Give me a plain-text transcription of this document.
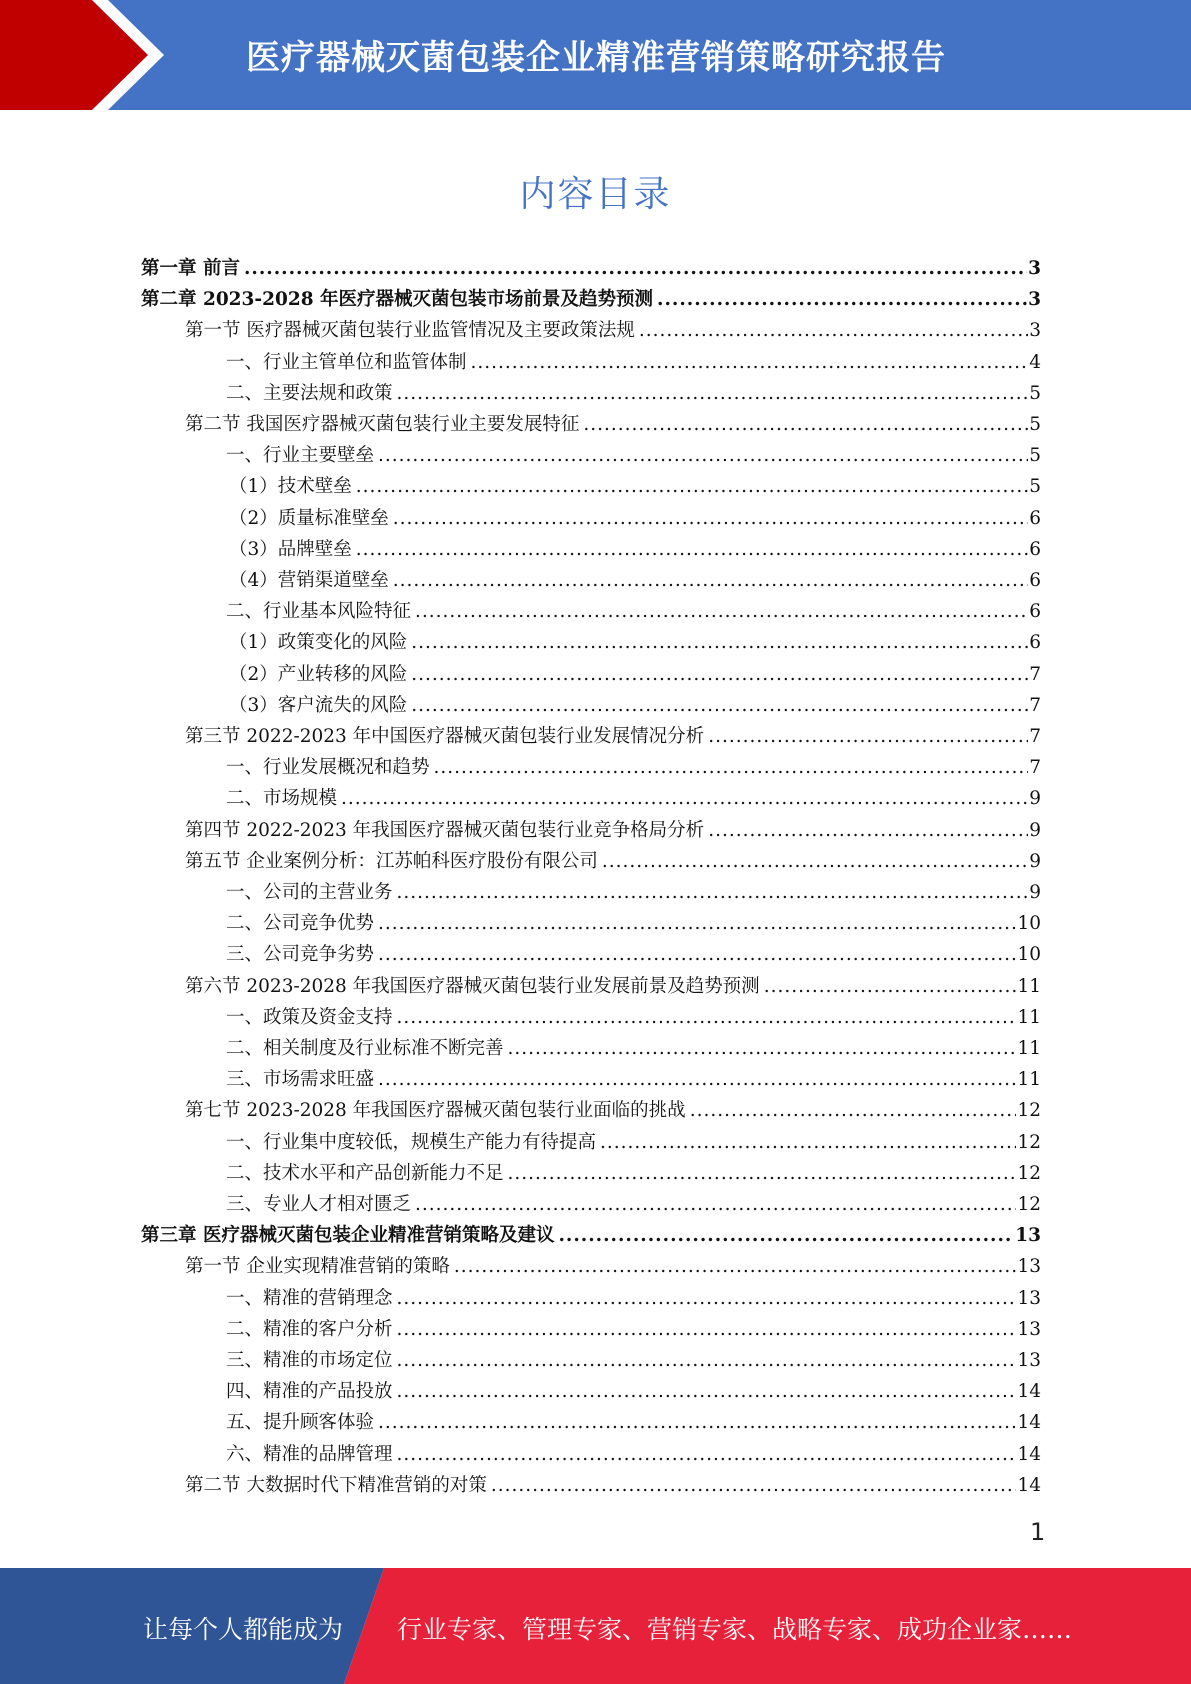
医疗器械灭菌包装企业精准营销策略研究报告
内容目录
第一章 前言 .....	3
第二章 2023-2028 年医疗器械灭菌包装市场前景及趋势预测 .....	3
第一节 医疗器械灭菌包装行业监管情况及主要政策法规 .....	3
一、行业主管单位和监管体制 .....	4
二、主要法规和政策 .....	5
第二节 我国医疗器械灭菌包装行业主要发展特征 .....	5
一、行业主要壁垒 .....	5
（1）技术壁垒 .....	5
（2）质量标准壁垒 .....	6
（3）品牌壁垒 .....	6
（4）营销渠道壁垒 .....	6
二、行业基本风险特征 .....	6
（1）政策变化的风险 .....	6
（2）产业转移的风险 .....	7
（3）客户流失的风险 .....	7
第三节 2022-2023 年中国医疗器械灭菌包装行业发展情况分析 .....	7
一、行业发展概况和趋势 .....	7
二、市场规模 .....	9
第四节 2022-2023 年我国医疗器械灭菌包装行业竞争格局分析 .....	9
第五节 企业案例分析：江苏帕科医疗股份有限公司 .....	9
一、公司的主营业务 .....	9
二、公司竞争优势 .....	10
三、公司竞争劣势 .....	10
第六节 2023-2028 年我国医疗器械灭菌包装行业发展前景及趋势预测 .....	11
一、政策及资金支持 .....	11
二、相关制度及行业标准不断完善 .....	11
三、市场需求旺盛 .....	11
第七节 2023-2028 年我国医疗器械灭菌包装行业面临的挑战 .....	12
一、行业集中度较低，规模生产能力有待提高 .....	12
二、技术水平和产品创新能力不足 .....	12
三、专业人才相对匮乏 .....	12
第三章 医疗器械灭菌包装企业精准营销策略及建议 .....	13
第一节 企业实现精准营销的策略 .....	13
一、精准的营销理念 .....	13
二、精准的客户分析 .....	13
三、精准的市场定位 .....	13
四、精准的产品投放 .....	14
五、提升顾客体验 .....	14
六、精准的品牌管理 .....	14
第二节 大数据时代下精准营销的对策 .....	14
1
让每个人都能成为 行业专家、管理专家、营销专家、战略专家、成功企业家……
